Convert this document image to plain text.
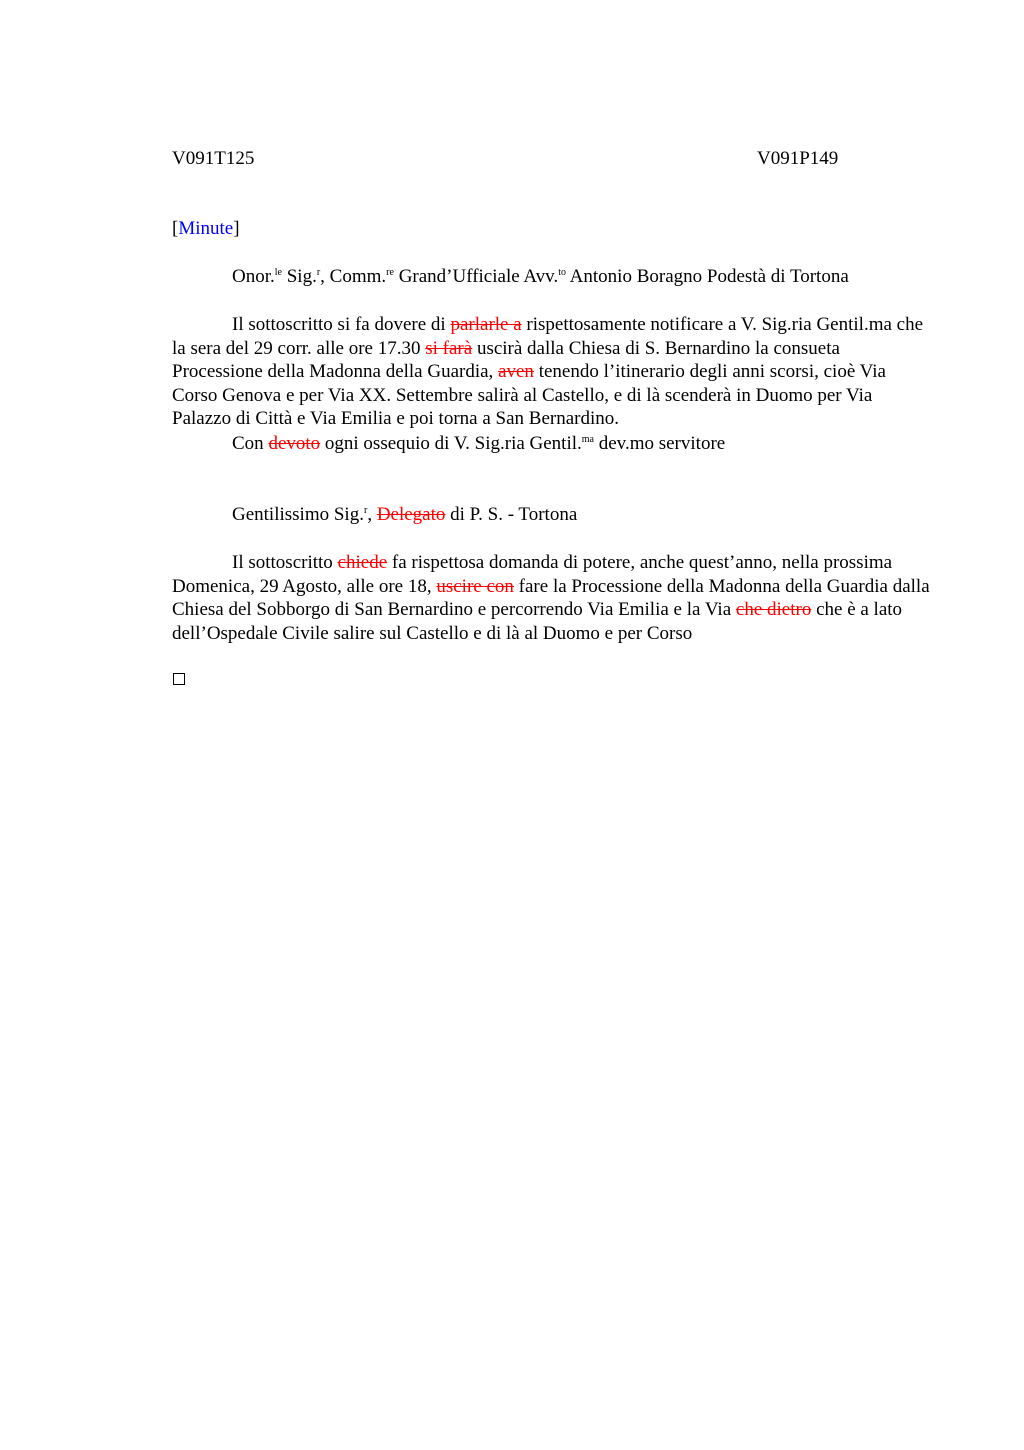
V091T125	V091P149

[Minute]

Onor.$^{le}$ Sig.$^r$, Comm.$^{re}$ Grand’Ufficiale Avv.$^{to}$ Antonio Boragno Podestà di Tortona

Il sottoscritto si fa dovere di parlarle a rispettosamente notificare a V. Sig.ria Gentil.ma che la sera del 29 corr. alle ore 17.30 si farà uscirà dalla Chiesa di S. Bernardino la consueta Processione della Madonna della Guardia, aven tenendo l’itinerario degli anni scorsi, cioè Via Corso Genova e per Via XX. Settembre salirà al Castello, e di là scenderà in Duomo per Via Palazzo di Città e Via Emilia e poi torna a San Bernardino.

Con devoto ogni ossequio di V. Sig.ria Gentil.$^{ma}$ dev.mo servitore

Gentilissimo Sig.$^r$, Delegato di P. S. - Tortona

Il sottoscritto chiede fa rispettosa domanda di potere, anche quest’anno, nella prossima Domenica, 29 Agosto, alle ore 18, uscire con fare la Processione della Madonna della Guardia dalla Chiesa del Sobborgo di San Bernardino e percorrendo Via Emilia e la Via che dietro che è a lato dell’Ospedale Civile salire sul Castello e di là al Duomo e per Corso
